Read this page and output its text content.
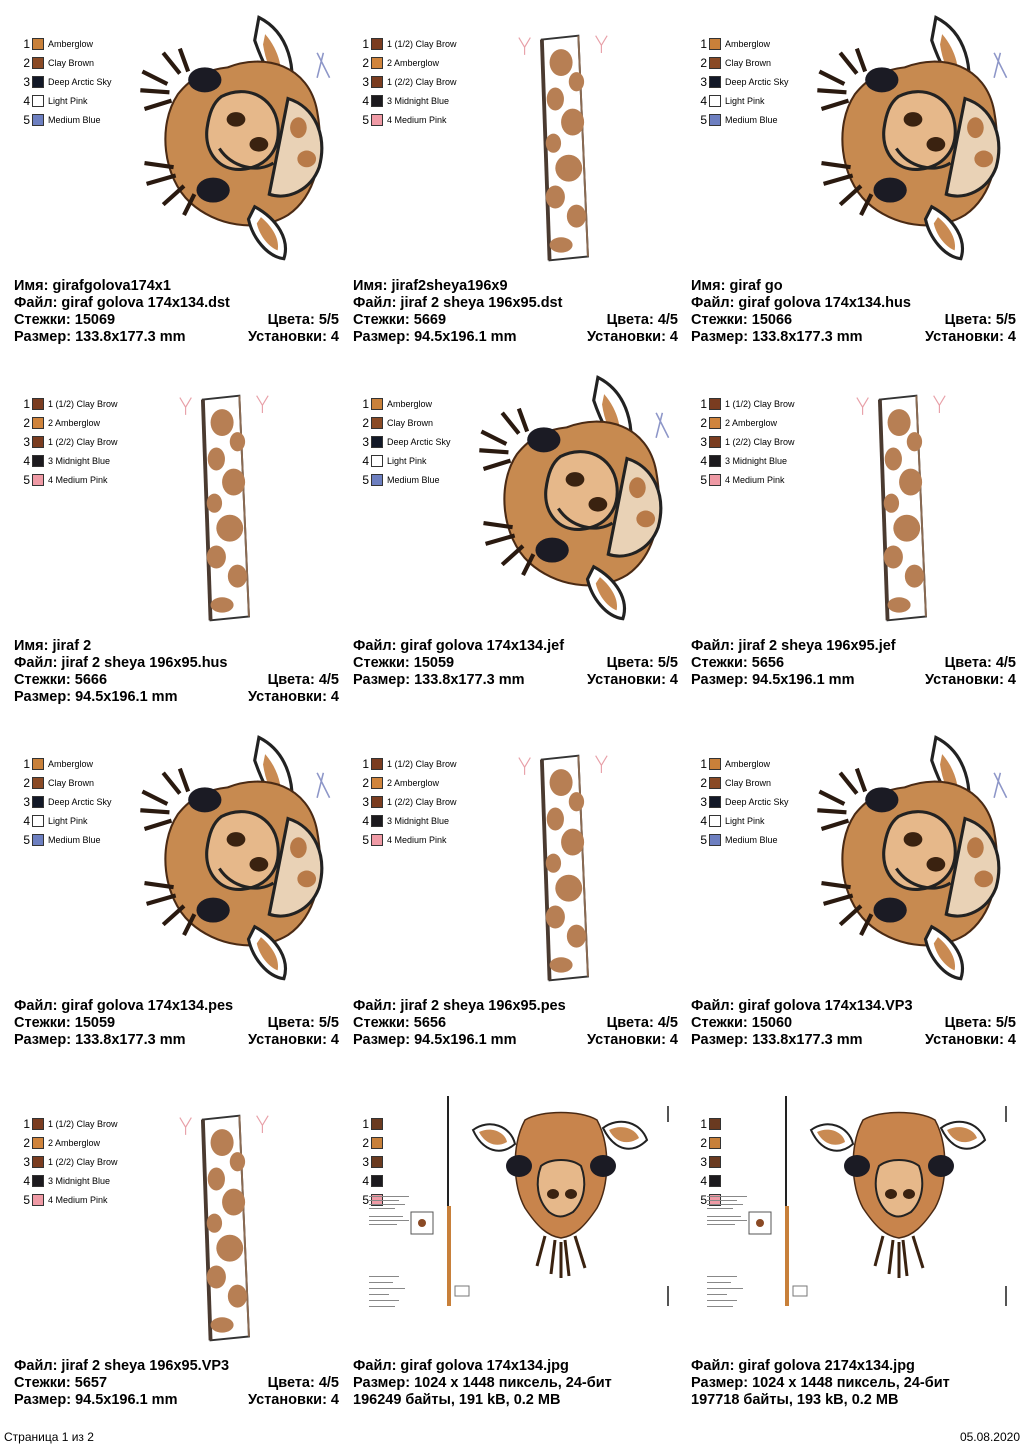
1 Amberglow
2 Clay Brown
3 Deep Arctic Sky
4 Light Pink
5 Medium Blue
Имя: girafgolova174x1
Файл: giraf golova 174x134.dst
Стежки: 15069	Цвета: 5/5
Размер: 133.8x177.3 mm	Установки: 4
1 1 (1/2) Clay Brow
2 2 Amberglow
3 1 (2/2) Clay Brow
4 3 Midnight Blue
5 4 Medium Pink
Имя: jiraf2sheya196x9
Файл: jiraf 2 sheya 196x95.dst
Стежки: 5669	Цвета: 4/5
Размер: 94.5x196.1 mm	Установки: 4
1 Amberglow
2 Clay Brown
3 Deep Arctic Sky
4 Light Pink
5 Medium Blue
Имя: giraf go
Файл: giraf golova 174x134.hus
Стежки: 15066	Цвета: 5/5
Размер: 133.8x177.3 mm	Установки: 4
1 1 (1/2) Clay Brow
2 2 Amberglow
3 1 (2/2) Clay Brow
4 3 Midnight Blue
5 4 Medium Pink
Имя: jiraf 2
Файл: jiraf 2 sheya 196x95.hus
Стежки: 5666	Цвета: 4/5
Размер: 94.5x196.1 mm	Установки: 4
1 Amberglow
2 Clay Brown
3 Deep Arctic Sky
4 Light Pink
5 Medium Blue
Файл: giraf golova 174x134.jef
Стежки: 15059	Цвета: 5/5
Размер: 133.8x177.3 mm	Установки: 4
1 1 (1/2) Clay Brow
2 2 Amberglow
3 1 (2/2) Clay Brow
4 3 Midnight Blue
5 4 Medium Pink
Файл: jiraf 2 sheya 196x95.jef
Стежки: 5656	Цвета: 4/5
Размер: 94.5x196.1 mm	Установки: 4
1 Amberglow
2 Clay Brown
3 Deep Arctic Sky
4 Light Pink
5 Medium Blue
Файл: giraf golova 174x134.pes
Стежки: 15059	Цвета: 5/5
Размер: 133.8x177.3 mm	Установки: 4
1 1 (1/2) Clay Brow
2 2 Amberglow
3 1 (2/2) Clay Brow
4 3 Midnight Blue
5 4 Medium Pink
Файл: jiraf 2 sheya 196x95.pes
Стежки: 5656	Цвета: 4/5
Размер: 94.5x196.1 mm	Установки: 4
1 Amberglow
2 Clay Brown
3 Deep Arctic Sky
4 Light Pink
5 Medium Blue
Файл: giraf golova 174x134.VP3
Стежки: 15060	Цвета: 5/5
Размер: 133.8x177.3 mm	Установки: 4
1 1 (1/2) Clay Brow
2 2 Amberglow
3 1 (2/2) Clay Brow
4 3 Midnight Blue
5 4 Medium Pink
Файл: jiraf 2 sheya 196x95.VP3
Стежки: 5657	Цвета: 4/5
Размер: 94.5x196.1 mm	Установки: 4
1
2
3
4
5
Файл: giraf golova 174x134.jpg
Размер: 1024 x 1448 пиксель, 24-бит
196249 байты, 191 kB, 0.2 MB
1
2
3
4
5
Файл: giraf golova 2174x134.jpg
Размер: 1024 x 1448 пиксель, 24-бит
197718 байты, 193 kB, 0.2 MB
Страница 1 из 2	05.08.2020
